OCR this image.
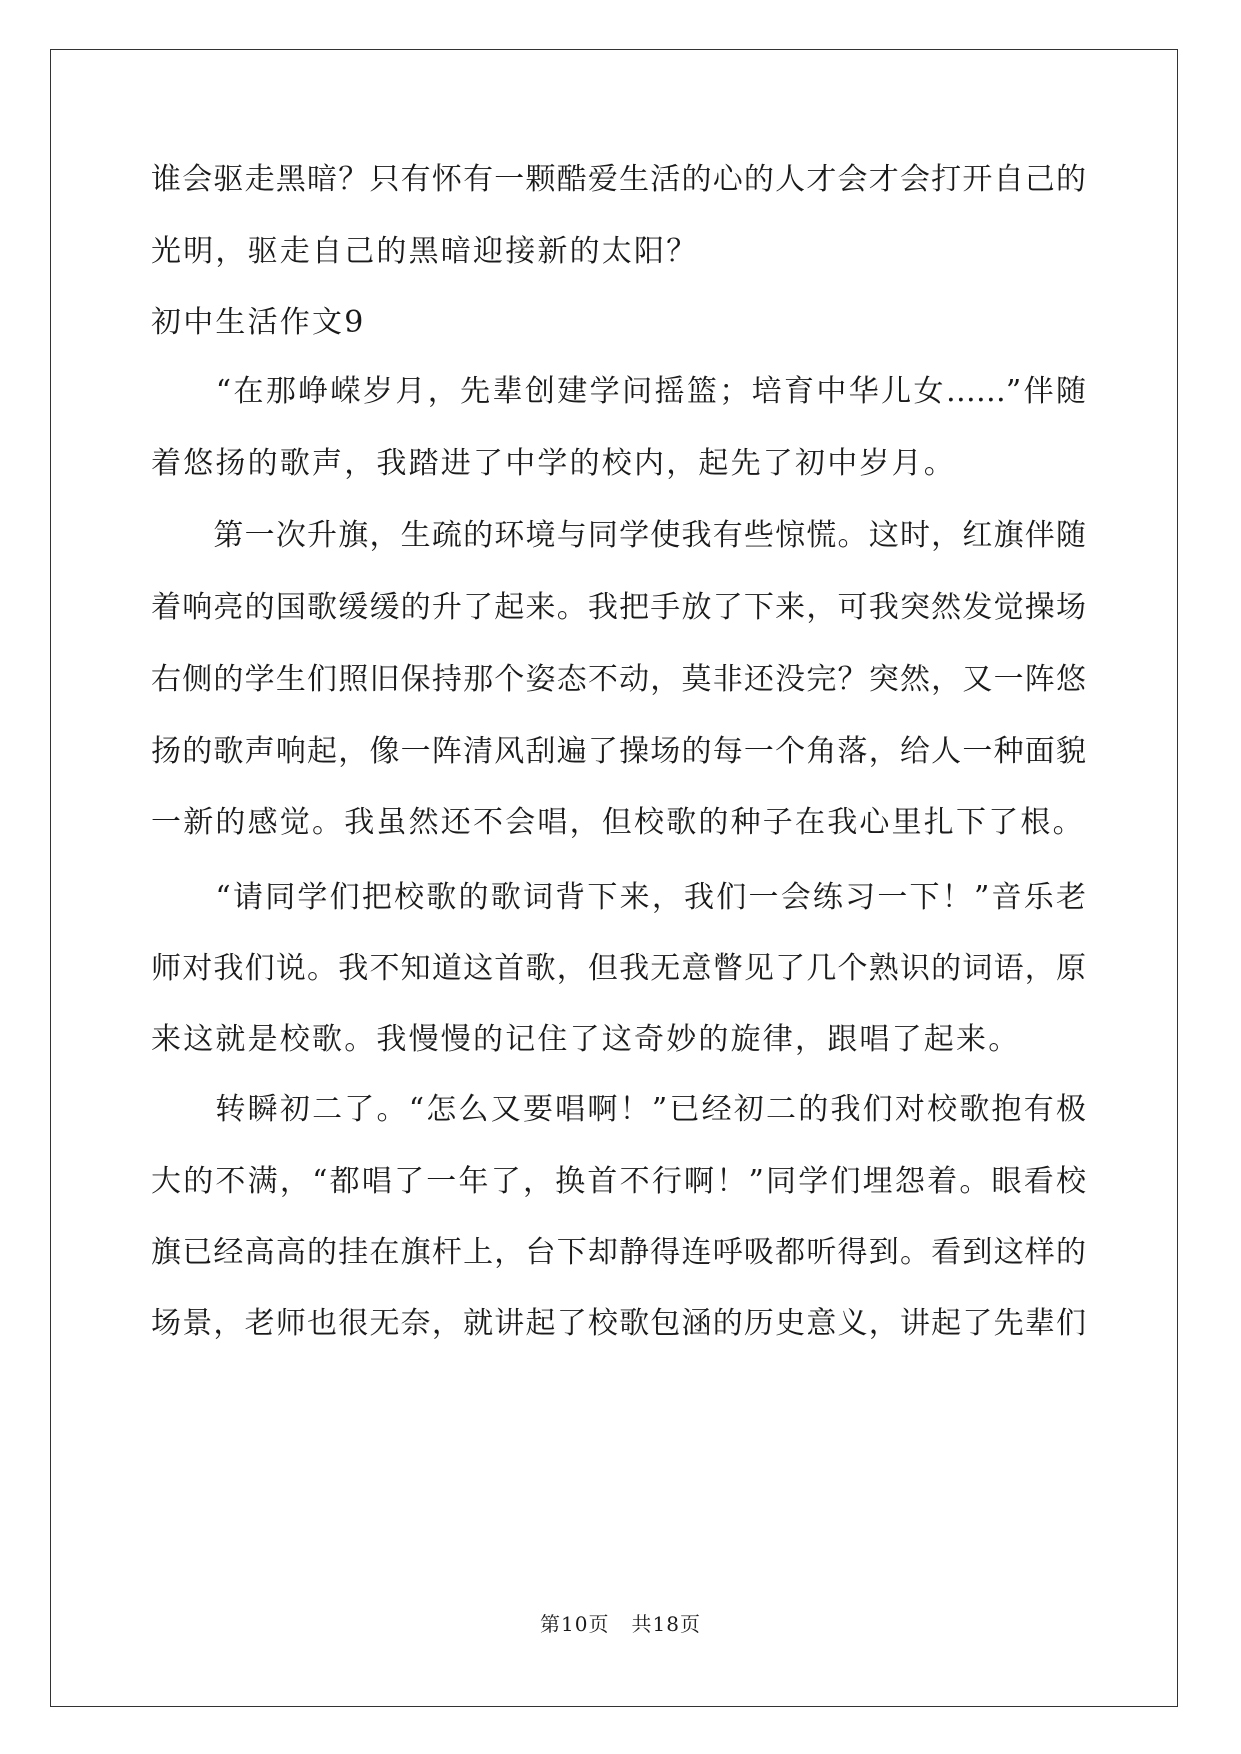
谁会驱走黑暗？只有怀有一颗酷爱生活的心的人才会才会打开自己的
光明，驱走自己的黑暗迎接新的太阳？
初中生活作文9
　　“在那峥嵘岁月，先辈创建学问摇篮；培育中华儿女……”伴随
着悠扬的歌声，我踏进了中学的校内，起先了初中岁月。
　　第一次升旗，生疏的环境与同学使我有些惊慌。这时，红旗伴随
着响亮的国歌缓缓的升了起来。我把手放了下来，可我突然发觉操场
右侧的学生们照旧保持那个姿态不动，莫非还没完？突然，又一阵悠
扬的歌声响起，像一阵清风刮遍了操场的每一个角落，给人一种面貌
一新的感觉。我虽然还不会唱，但校歌的种子在我心里扎下了根。
　　“请同学们把校歌的歌词背下来，我们一会练习一下！”音乐老
师对我们说。我不知道这首歌，但我无意瞥见了几个熟识的词语，原
来这就是校歌。我慢慢的记住了这奇妙的旋律，跟唱了起来。
　　转瞬初二了。“怎么又要唱啊！”已经初二的我们对校歌抱有极
大的不满，“都唱了一年了，换首不行啊！”同学们埋怨着。眼看校
旗已经高高的挂在旗杆上，台下却静得连呼吸都听得到。看到这样的
场景，老师也很无奈，就讲起了校歌包涵的历史意义，讲起了先辈们
第10页 共18页
